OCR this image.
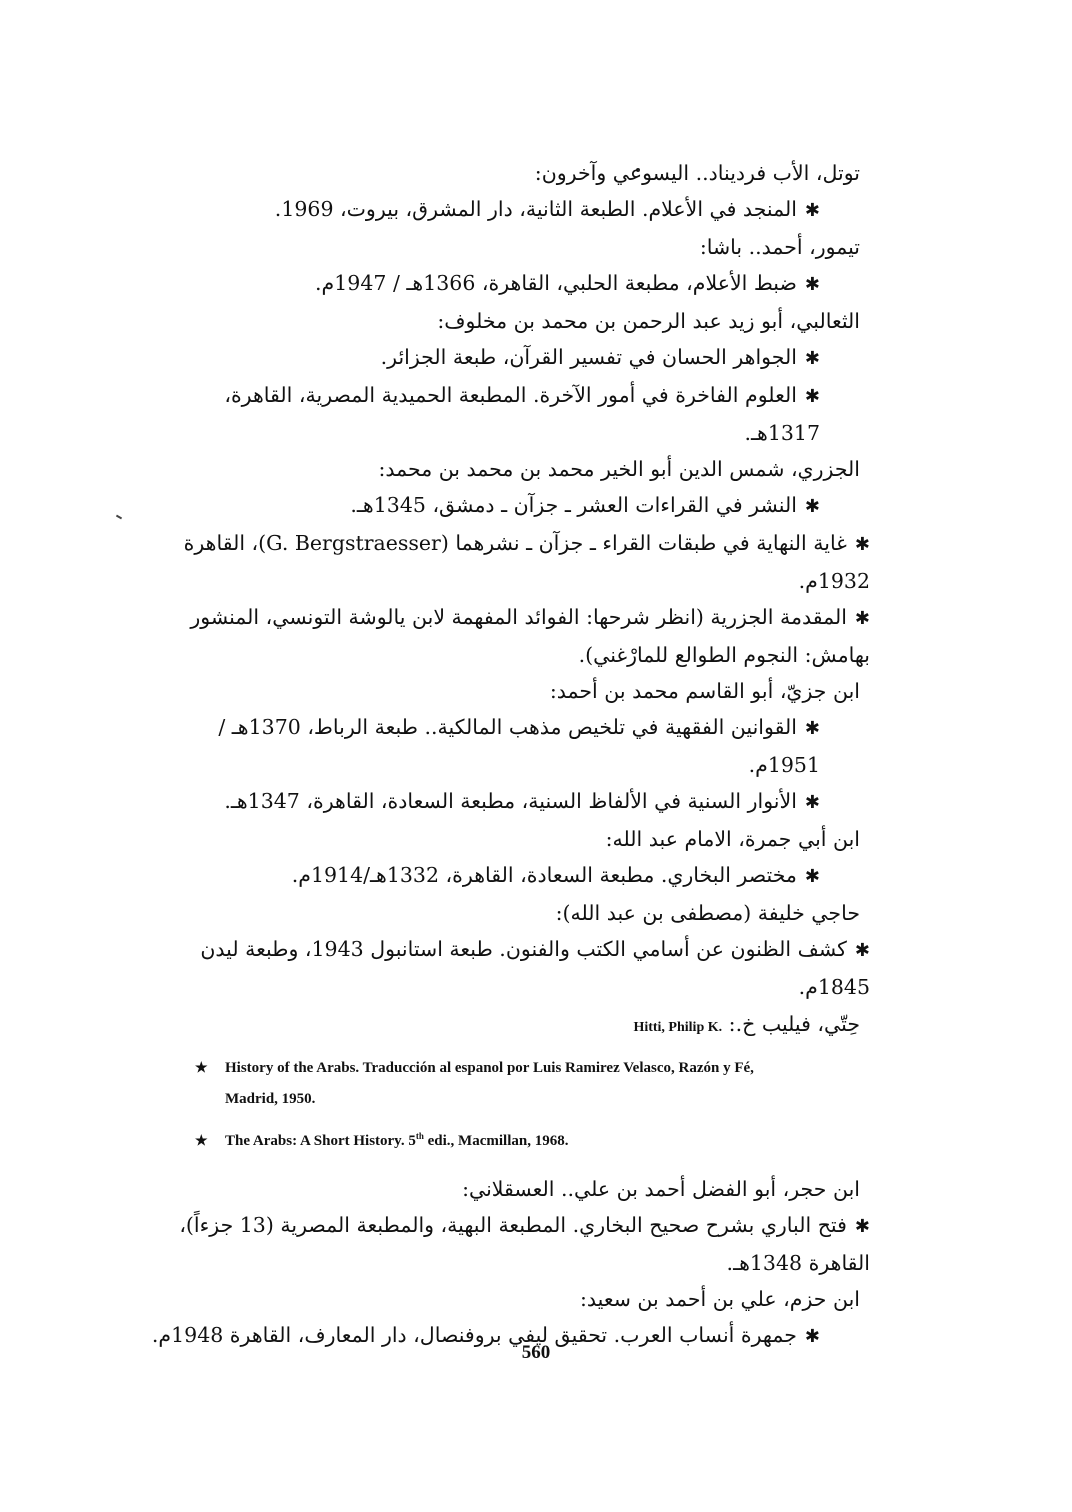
توتل، الأب فرديناد.. اليسوعي وآخرون:
✱المنجد في الأعلام. الطبعة الثانية، دار المشرق، بيروت، 1969.
تيمور، أحمد.. باشا:
✱ضبط الأعلام، مطبعة الحلبي، القاهرة، 1366هـ / 1947م.
الثعالبي، أبو زيد عبد الرحمن بن محمد بن مخلوف:
✱الجواهر الحسان في تفسير القرآن، طبعة الجزائر.
✱العلوم الفاخرة في أمور الآخرة. المطبعة الحميدية المصرية، القاهرة، 1317هـ.
الجزري، شمس الدين أبو الخير محمد بن محمد بن محمد:
✱النشر في القراءات العشر ـ جزآن ـ دمشق، 1345هـ.
✱غاية النهاية في طبقات القراء ـ جزآن ـ نشرهما (G. Bergstraesser)، القاهرة 1932م.
✱المقدمة الجزرية (انظر شرحها: الفوائد المفهمة لابن يالوشة التونسي، المنشور بهامش: النجوم الطوالع للمارْغني).
ابن جزيّ، أبو القاسم محمد بن أحمد:
✱القوانين الفقهية في تلخيص مذهب المالكية.. طبعة الرباط، 1370هـ / 1951م.
✱الأنوار السنية في الألفاظ السنية، مطبعة السعادة، القاهرة، 1347هـ.
ابن أبي جمرة، الامام عبد الله:
✱مختصر البخاري. مطبعة السعادة، القاهرة، 1332هـ/1914م.
حاجي خليفة (مصطفى بن عبد الله):
✱كشف الظنون عن أسامي الكتب والفنون. طبعة استانبول 1943، وطبعة ليدن 1845م.
حِتّي، فيليب خ.: Hitti, Philip K.
★ History of the Arabs. Traducción al espanol por Luis Ramirez Velasco, Razón y Fé,
Madrid, 1950.
★ The Arabs: A Short History. 5th edi., Macmillan, 1968.
ابن حجر، أبو الفضل أحمد بن علي.. العسقلاني:
✱فتح الباري بشرح صحيح البخاري. المطبعة البهية، والمطبعة المصرية (13 جزءاً)، القاهرة 1348هـ.
ابن حزم، علي بن أحمد بن سعيد:
✱جمهرة أنساب العرب. تحقيق ليفي بروفنصال، دار المعارف، القاهرة 1948م.
560
